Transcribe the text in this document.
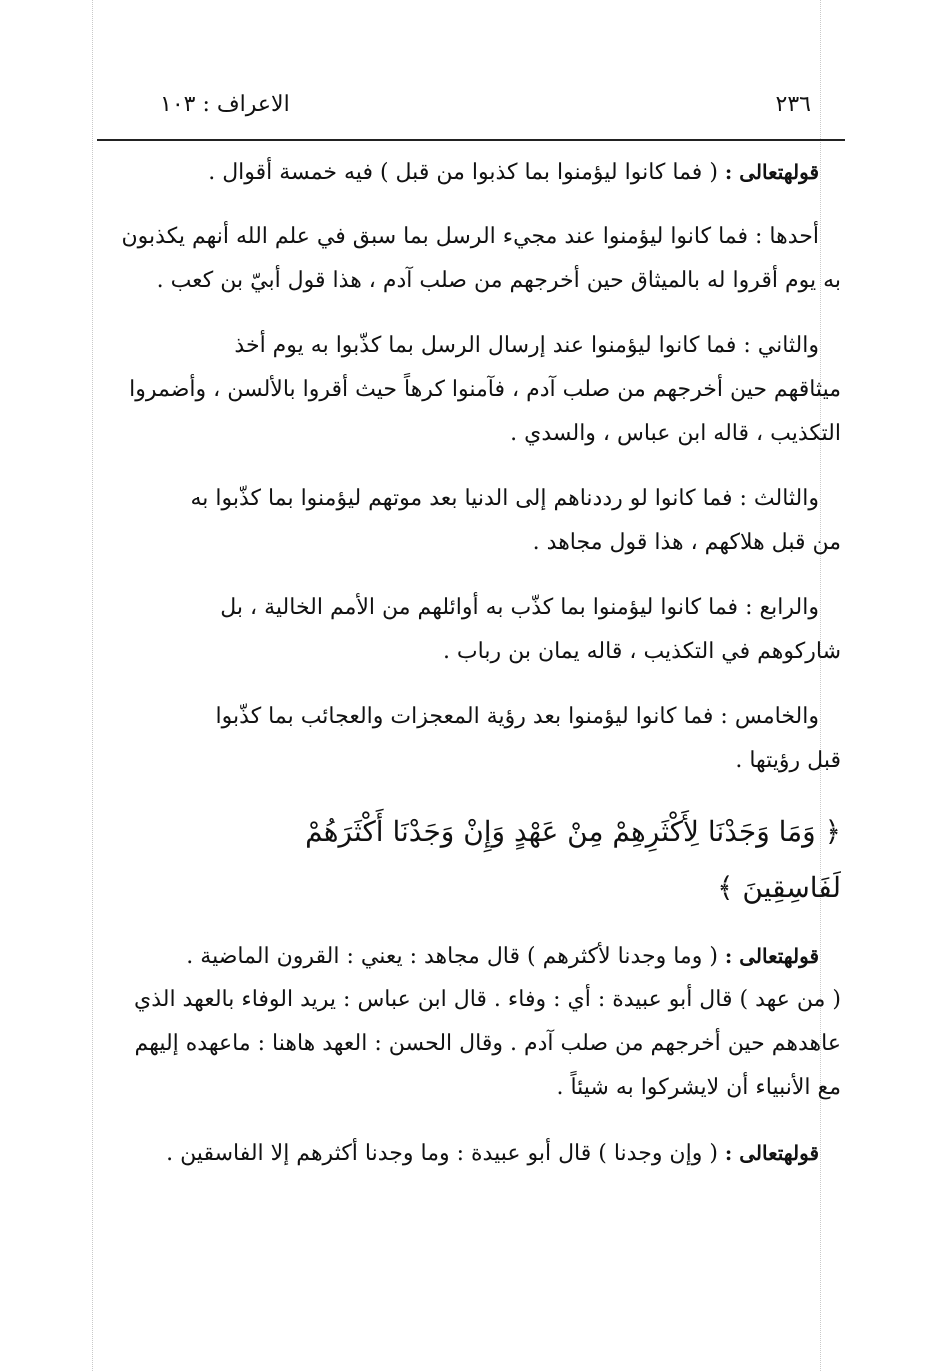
٢٣٦
الاعراف : ١٠٣
قولهتعالى : ( فما كانوا ليؤمنوا بما كذبوا من قبل ) فيه خمسة أقوال .
أحدها : فما كانوا ليؤمنوا عند مجيء الرسل بما سبق في علم الله أنهم يكذبون
به يوم أقروا له بالميثاق حين أخرجهم من صلب آدم ، هذا قول أبيّ بن كعب .
والثاني : فما كانوا ليؤمنوا عند إرسال الرسل بما كذّبوا به يوم أخذ
ميثاقهم حين أخرجهم من صلب آدم ، فآمنوا كرهاً حيث أقروا بالألسن ، وأضمروا
التكذيب ، قاله ابن عباس ، والسدي .
والثالث : فما كانوا لو رددناهم إلى الدنيا بعد موتهم ليؤمنوا بما كذّبوا به
من قبل هلاكهم ، هذا قول مجاهد .
والرابع : فما كانوا ليؤمنوا بما كذّب به أوائلهم من الأمم الخالية ، بل
شاركوهم في التكذيب ، قاله يمان بن رباب .
والخامس : فما كانوا ليؤمنوا بعد رؤية المعجزات والعجائب بما كذّبوا
قبل رؤيتها .
﴿ وَمَا وَجَدْنَا لِأَكْثَرِهِمْ مِنْ عَهْدٍ وَإِنْ وَجَدْنَا أَكْثَرَهُمْ
لَفَاسِقِينَ ﴾
قولهتعالى : ( وما وجدنا لأكثرهم ) قال مجاهد : يعني : القرون الماضية .
( من عهد ) قال أبو عبيدة : أي : وفاء . قال ابن عباس : يريد الوفاء بالعهد الذي
عاهدهم حين أخرجهم من صلب آدم . وقال الحسن : العهد هاهنا : ماعهده إليهم
مع الأنبياء أن لايشركوا به شيئاً .
قولهتعالى : ( وإن وجدنا ) قال أبو عبيدة : وما وجدنا أكثرهم إلا الفاسقين .
